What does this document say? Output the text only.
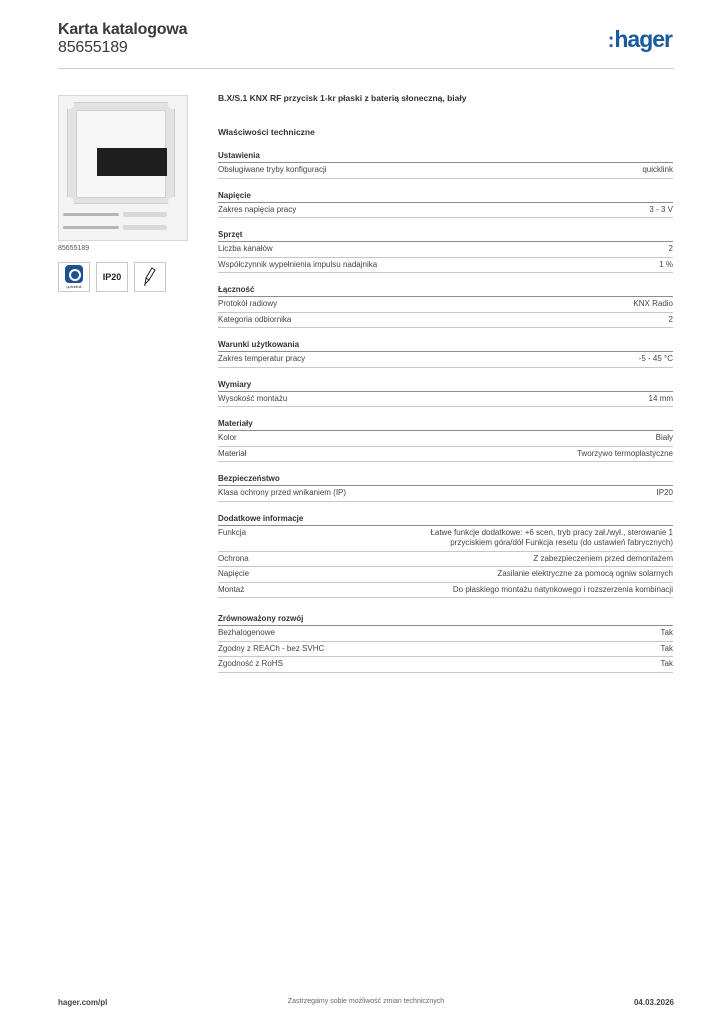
Karta katalogowa
85655189	:hager
85655189
quicklink
IP20
B.X/S.1 KNX RF przycisk 1-kr płaski z baterią słoneczną, biały
Właściwości techniczne
Ustawienia
Obsługiwane tryby konfiguracji	quicklink
Napięcie
Zakres napięcia pracy	3 - 3 V
Sprzęt
Liczba kanałów	2
Współczynnik wypełnienia impulsu nadajnika	1 %
Łączność
Protokół radiowy	KNX Radio
Kategoria odbiornika	2
Warunki użytkowania
Zakres temperatur pracy	-5 - 45 °C
Wymiary
Wysokość montażu	14 mm
Materiały
Kolor	Biały
Materiał	Tworzywo termoplastyczne
Bezpieczeństwo
Klasa ochrony przed wnikaniem (IP)	IP20
Dodatkowe informacje
Funkcja	Łatwe funkcje dodatkowe: +6 scen, tryb pracy zał./wył., sterowanie 1 przyciskiem góra/dół Funkcja resetu (do ustawień fabrycznych)
Ochrona	Z zabezpieczeniem przed demontażem
Napięcie	Zasilanie elektryczne za pomocą ogniw solarnych
Montaż	Do płaskiego montażu natynkowego i rozszerzenia kombinacji
Zrównoważony rozwój
Bezhalogenowe	Tak
Zgodny z REACh - bez SVHC	Tak
Zgodność z RoHS	Tak
hager.com/pl	Zastrzegamy sobie możliwość zmian technicznych	04.03.2026
